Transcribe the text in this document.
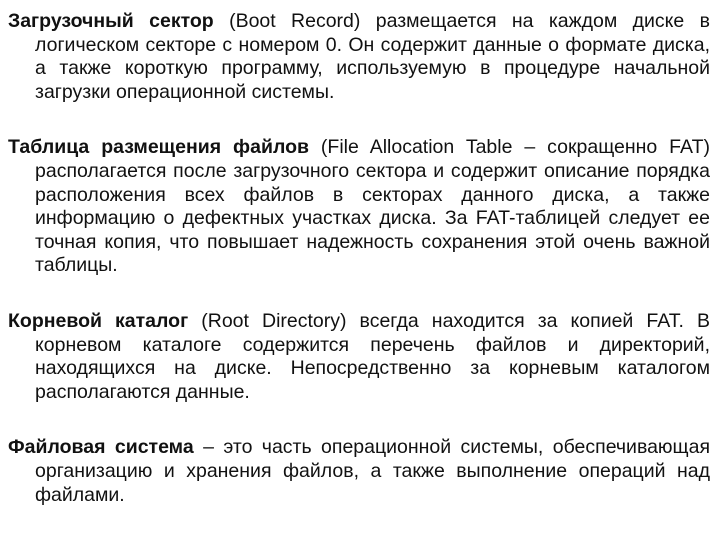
Загрузочный сектор (Boot Record) размещается на каждом диске в логическом секторе с номером 0. Он содержит данные о формате диска, а также короткую программу, используемую в процедуре начальной загрузки операционной системы.

Таблица размещения файлов (File Allocation Table – сокращенно FAT) располагается после загрузочного сектора и содержит описание порядка расположения всех файлов в секторах данного диска, а также информацию о дефектных участках диска. За FAT-таблицей следует ее точная копия, что повышает надежность сохранения этой очень важной таблицы.

Корневой каталог (Root Directory) всегда находится за копией FAT. В корневом каталоге содержится перечень файлов и директорий, находящихся на диске. Непосредственно за корневым каталогом располагаются данные.

Файловая система – это часть операционной системы, обеспечивающая организацию и хранения файлов, а также выполнение операций над файлами.
